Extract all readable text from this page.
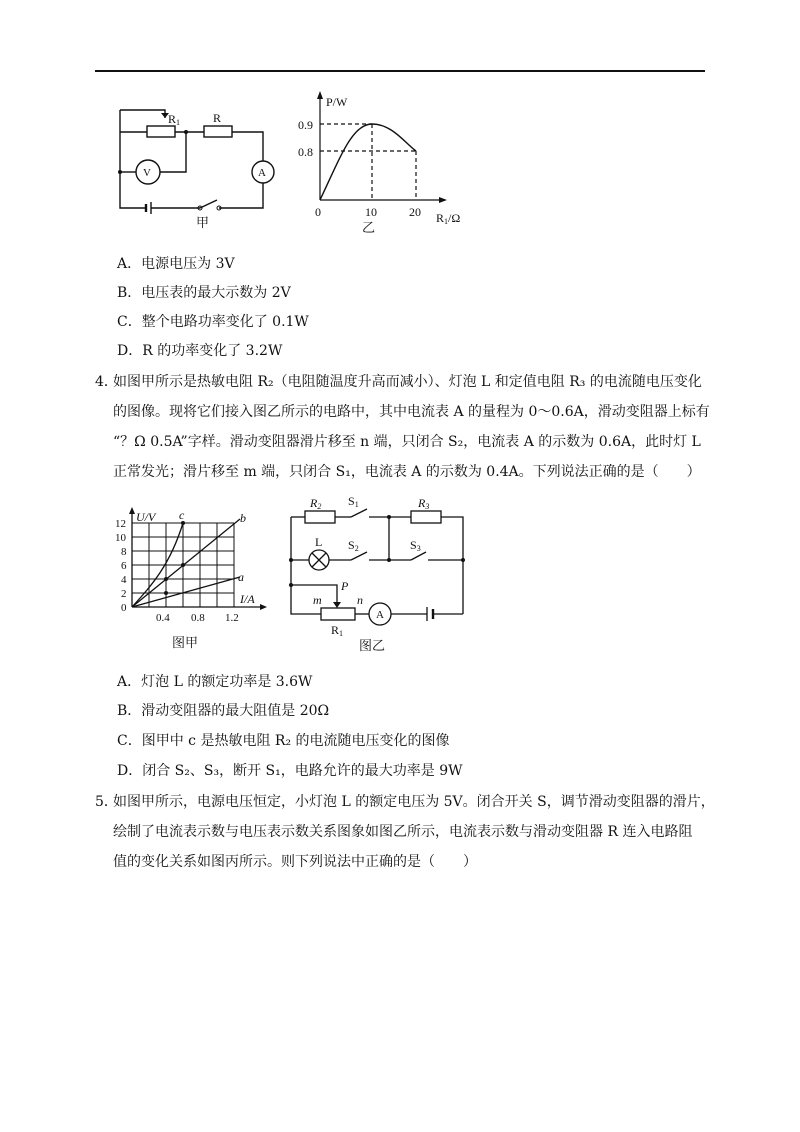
R1	R
V	A
甲
P/W
0.9
0.8
0	10	20 R1/Ω
乙
A．电源电压为 3V
B．电压表的最大示数为 2V
C．整个电路功率变化了 0.1W
D．R 的功率变化了 3.2W
4．如图甲所示是热敏电阻 R₂（电阻随温度升高而减小）、灯泡 L 和定值电阻 R₃ 的电流随电压变化
的图像。现将它们接入图乙所示的电路中，其中电流表 A 的量程为 0～0.6A，滑动变阻器上标有
“？Ω 0.5A”字样。滑动变阻器滑片移至 n 端，只闭合 S₂，电流表 A 的示数为 0.6A，此时灯 L
正常发光；滑片移至 m 端，只闭合 S₁，电流表 A 的示数为 0.4A。下列说法正确的是（　　）
U/V
12
10
8
6
4
2
0
0.4 0.8 1.2
I/A
c	b
a
图甲
R2 S1	R3
L S2	S3
P
m	n
R1
A
图乙
A．灯泡 L 的额定功率是 3.6W
B．滑动变阻器的最大阻值是 20Ω
C．图甲中 c 是热敏电阻 R₂ 的电流随电压变化的图像
D．闭合 S₂、S₃，断开 S₁，电路允许的最大功率是 9W
5．如图甲所示，电源电压恒定，小灯泡 L 的额定电压为 5V。闭合开关 S，调节滑动变阻器的滑片，
绘制了电流表示数与电压表示数关系图象如图乙所示，电流表示数与滑动变阻器 R 连入电路阻
值的变化关系如图丙所示。则下列说法中正确的是（　　）
